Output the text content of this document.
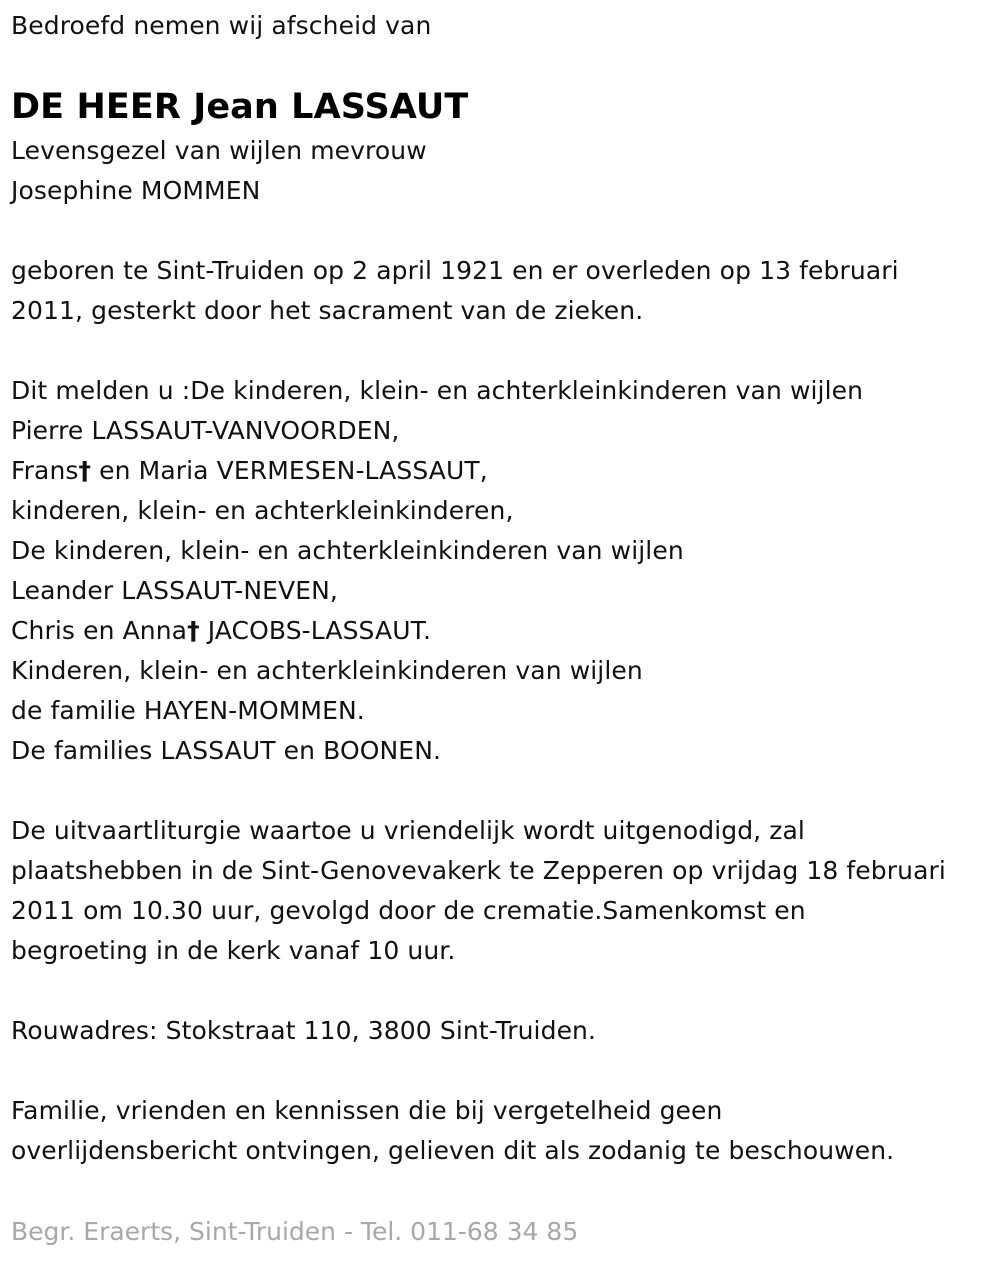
Bedroefd nemen wij afscheid van
DE HEER Jean LASSAUT
Levensgezel van wijlen mevrouw
Josephine MOMMEN
geboren te Sint-Truiden op 2 april 1921 en er overleden op 13 februari
2011, gesterkt door het sacrament van de zieken.
Dit melden u :De kinderen, klein- en achterkleinkinderen van wijlen
Pierre LASSAUT-VANVOORDEN,
Frans† en Maria VERMESEN-LASSAUT,
kinderen, klein- en achterkleinkinderen,
De kinderen, klein- en achterkleinkinderen van wijlen
Leander LASSAUT-NEVEN,
Chris en Anna† JACOBS-LASSAUT.
Kinderen, klein- en achterkleinkinderen van wijlen
de familie HAYEN-MOMMEN.
De families LASSAUT en BOONEN.
De uitvaartliturgie waartoe u vriendelijk wordt uitgenodigd, zal
plaatshebben in de Sint-Genovevakerk te Zepperen op vrijdag 18 februari
2011 om 10.30 uur, gevolgd door de crematie.Samenkomst en
begroeting in de kerk vanaf 10 uur.
Rouwadres: Stokstraat 110, 3800 Sint-Truiden.
Familie, vrienden en kennissen die bij vergetelheid geen
overlijdensbericht ontvingen, gelieven dit als zodanig te beschouwen.
Begr. Eraerts, Sint-Truiden - Tel. 011-68 34 85
